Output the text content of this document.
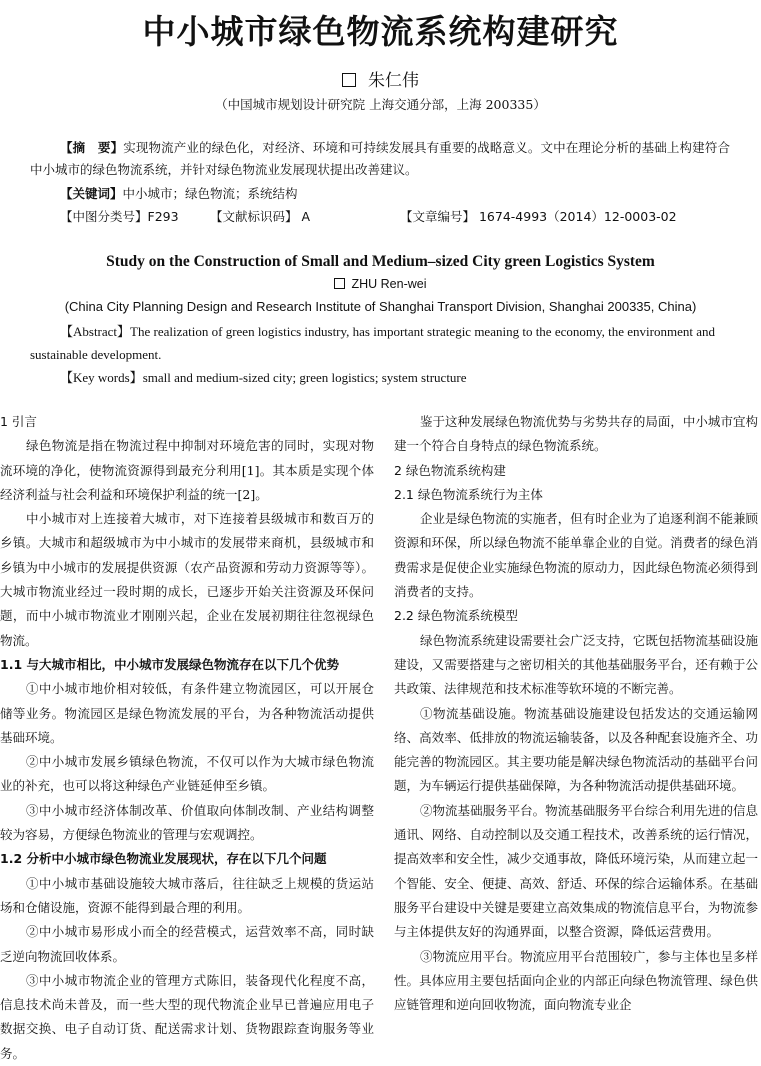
中小城市绿色物流系统构建研究
朱仁伟
（中国城市规划设计研究院 上海交通分部，上海 200335）
【摘　要】实现物流产业的绿色化，对经济、环境和可持续发展具有重要的战略意义。文中在理论分析的基础上构建符合中小城市的绿色物流系统，并针对绿色物流业发展现状提出改善建议。
【关键词】中小城市；绿色物流；系统结构
【中图分类号】F293	【文献标识码】 A	【文章编号】 1674-4993（2014）12-0003-02
Study on the Construction of Small and Medium–sized City green Logistics System
ZHU Ren-wei
(China City Planning Design and Research Institute of Shanghai Transport Division, Shanghai 200335, China)
【Abstract】The realization of green logistics industry, has important strategic meaning to the economy, the environment and sustainable development.
【Key words】small and medium-sized city; green logistics; system structure

1 引言

绿色物流是指在物流过程中抑制对环境危害的同时，实现对物流环境的净化，使物流资源得到最充分利用[1]。其本质是实现个体经济利益与社会利益和环境保护利益的统一[2]。

中小城市对上连接着大城市，对下连接着县级城市和数百万的乡镇。大城市和超级城市为中小城市的发展带来商机，县级城市和乡镇为中小城市的发展提供资源（农产品资源和劳动力资源等等）。大城市物流业经过一段时期的成长，已逐步开始关注资源及环保问题，而中小城市物流业才刚刚兴起，企业在发展初期往往忽视绿色物流。

1.1 与大城市相比，中小城市发展绿色物流存在以下几个优势

①中小城市地价相对较低，有条件建立物流园区，可以开展仓储等业务。物流园区是绿色物流发展的平台，为各种物流活动提供基础环境。

②中小城市发展乡镇绿色物流，不仅可以作为大城市绿色物流业的补充，也可以将这种绿色产业链延伸至乡镇。

③中小城市经济体制改革、价值取向体制改制、产业结构调整较为容易，方便绿色物流业的管理与宏观调控。

1.2 分析中小城市绿色物流业发展现状，存在以下几个问题

①中小城市基础设施较大城市落后，往往缺乏上规模的货运站场和仓储设施，资源不能得到最合理的利用。

②中小城市易形成小而全的经营模式，运营效率不高，同时缺乏逆向物流回收体系。

③中小城市物流企业的管理方式陈旧，装备现代化程度不高，信息技术尚未普及，而一些大型的现代物流企业早已普遍应用电子数据交换、电子自动订货、配送需求计划、货物跟踪查询服务等业务。

鉴于这种发展绿色物流优势与劣势共存的局面，中小城市宜构建一个符合自身特点的绿色物流系统。

2 绿色物流系统构建

2.1 绿色物流系统行为主体

企业是绿色物流的实施者，但有时企业为了追逐利润不能兼顾资源和环保，所以绿色物流不能单靠企业的自觉。消费者的绿色消费需求是促使企业实施绿色物流的原动力，因此绿色物流必须得到消费者的支持。

2.2 绿色物流系统模型

绿色物流系统建设需要社会广泛支持，它既包括物流基础设施建设，又需要搭建与之密切相关的其他基础服务平台，还有赖于公共政策、法律规范和技术标准等软环境的不断完善。

①物流基础设施。物流基础设施建设包括发达的交通运输网络、高效率、低排放的物流运输装备，以及各种配套设施齐全、功能完善的物流园区。其主要功能是解决绿色物流活动的基础平台问题，为车辆运行提供基础保障，为各种物流活动提供基础环境。

②物流基础服务平台。物流基础服务平台综合利用先进的信息通讯、网络、自动控制以及交通工程技术，改善系统的运行情况，提高效率和安全性，减少交通事故，降低环境污染，从而建立起一个智能、安全、便捷、高效、舒适、环保的综合运输体系。在基础服务平台建设中关键是要建立高效集成的物流信息平台，为物流参与主体提供友好的沟通界面，以整合资源，降低运营费用。

③物流应用平台。物流应用平台范围较广，参与主体也呈多样性。具体应用主要包括面向企业的内部正向绿色物流管理、绿色供应链管理和逆向回收物流，面向物流专业企
